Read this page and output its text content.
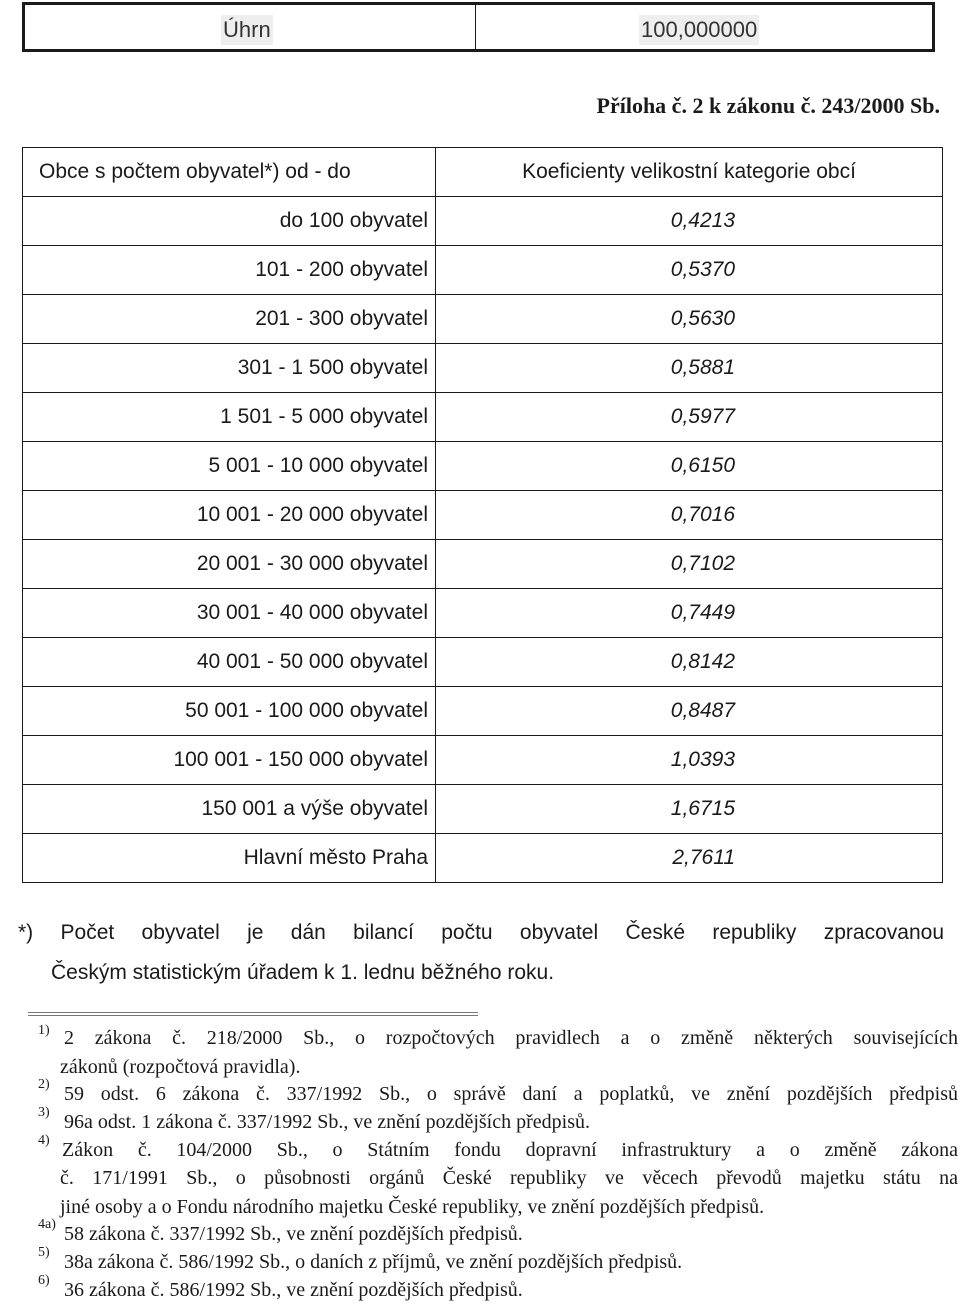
Úhrn	100,000000
Příloha č. 2 k zákonu č. 243/2000 Sb.
Obce s počtem obyvatel*) od - do	Koeficienty velikostní kategorie obcí
do 100 obyvatel	0,4213

101 - 200 obyvatel	0,5370

201 - 300 obyvatel	0,5630

301 - 1 500 obyvatel	0,5881

1 501 - 5 000 obyvatel	0,5977

5 001 - 10 000 obyvatel	0,6150

10 001 - 20 000 obyvatel	0,7016

20 001 - 30 000 obyvatel	0,7102

30 001 - 40 000 obyvatel	0,7449

40 001 - 50 000 obyvatel	0,8142

50 001 - 100 000 obyvatel	0,8487

100 001 - 150 000 obyvatel	1,0393

150 001 a výše obyvatel	1,6715

Hlavní město Praha	2,7611
*) Počet obyvatel je dán bilancí počtu obyvatel České republiky zpracovanou
Českým statistickým úřadem k 1. lednu běžného roku.
1) 2 zákona č. 218/2000 Sb., o rozpočtových pravidlech a o změně některých souvisejících
zákonů (rozpočtová pravidla).
2) 59 odst. 6 zákona č. 337/1992 Sb., o správě daní a poplatků, ve znění pozdějších předpisů
3) 96a odst. 1 zákona č. 337/1992 Sb., ve znění pozdějších předpisů.
4) Zákon č. 104/2000 Sb., o Státním fondu dopravní infrastruktury a o změně zákona
č. 171/1991 Sb., o působnosti orgánů České republiky ve věcech převodů majetku státu na
jiné osoby a o Fondu národního majetku České republiky, ve znění pozdějších předpisů.
4a) 58 zákona č. 337/1992 Sb., ve znění pozdějších předpisů.
5) 38a zákona č. 586/1992 Sb., o daních z příjmů, ve znění pozdějších předpisů.
6) 36 zákona č. 586/1992 Sb., ve znění pozdějších předpisů.
